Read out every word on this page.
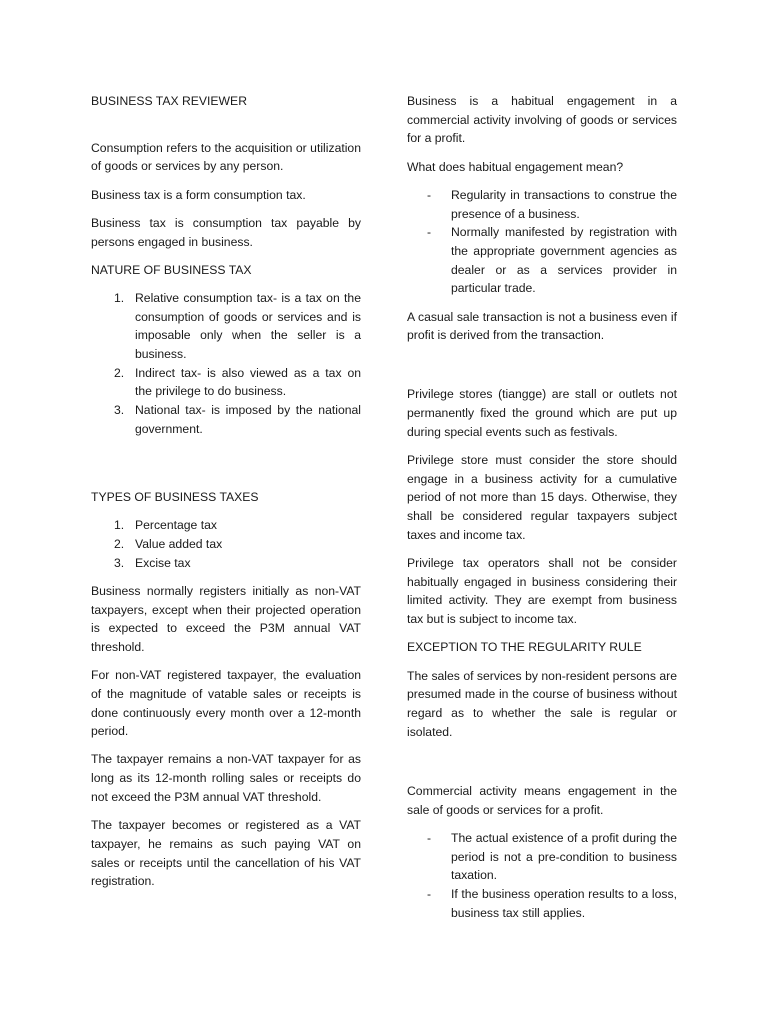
BUSINESS TAX REVIEWER

Consumption refers to the acquisition or utilization of goods or services by any person.

Business tax is a form consumption tax.

Business tax is consumption tax payable by persons engaged in business.

NATURE OF BUSINESS TAX

1. Relative consumption tax- is a tax on the consumption of goods or services and is imposable only when the seller is a business.
2. Indirect tax- is also viewed as a tax on the privilege to do business.
3. National tax- is imposed by the national government.

TYPES OF BUSINESS TAXES

1. Percentage tax
2. Value added tax
3. Excise tax

Business normally registers initially as non-VAT taxpayers, except when their projected operation is expected to exceed the P3M annual VAT threshold.

For non-VAT registered taxpayer, the evaluation of the magnitude of vatable sales or receipts is done continuously every month over a 12-month period.

The taxpayer remains a non-VAT taxpayer for as long as its 12-month rolling sales or receipts do not exceed the P3M annual VAT threshold.

The taxpayer becomes or registered as a VAT taxpayer, he remains as such paying VAT on sales or receipts until the cancellation of his VAT registration.

Business is a habitual engagement in a commercial activity involving of goods or services for a profit.

What does habitual engagement mean?

-	Regularity in transactions to construe the presence of a business.
-	Normally manifested by registration with the appropriate government agencies as dealer or as a services provider in particular trade.

A casual sale transaction is not a business even if profit is derived from the transaction.

Privilege stores (tiangge) are stall or outlets not permanently fixed the ground which are put up during special events such as festivals.

Privilege store must consider the store should engage in a business activity for a cumulative period of not more than 15 days. Otherwise, they shall be considered regular taxpayers subject taxes and income tax.

Privilege tax operators shall not be consider habitually engaged in business considering their limited activity. They are exempt from business tax but is subject to income tax.

EXCEPTION TO THE REGULARITY RULE

The sales of services by non-resident persons are presumed made in the course of business without regard as to whether the sale is regular or isolated.

Commercial activity means engagement in the sale of goods or services for a profit.

-	The actual existence of a profit during the period is not a pre-condition to business taxation.
-	If the business operation results to a loss, business tax still applies.
